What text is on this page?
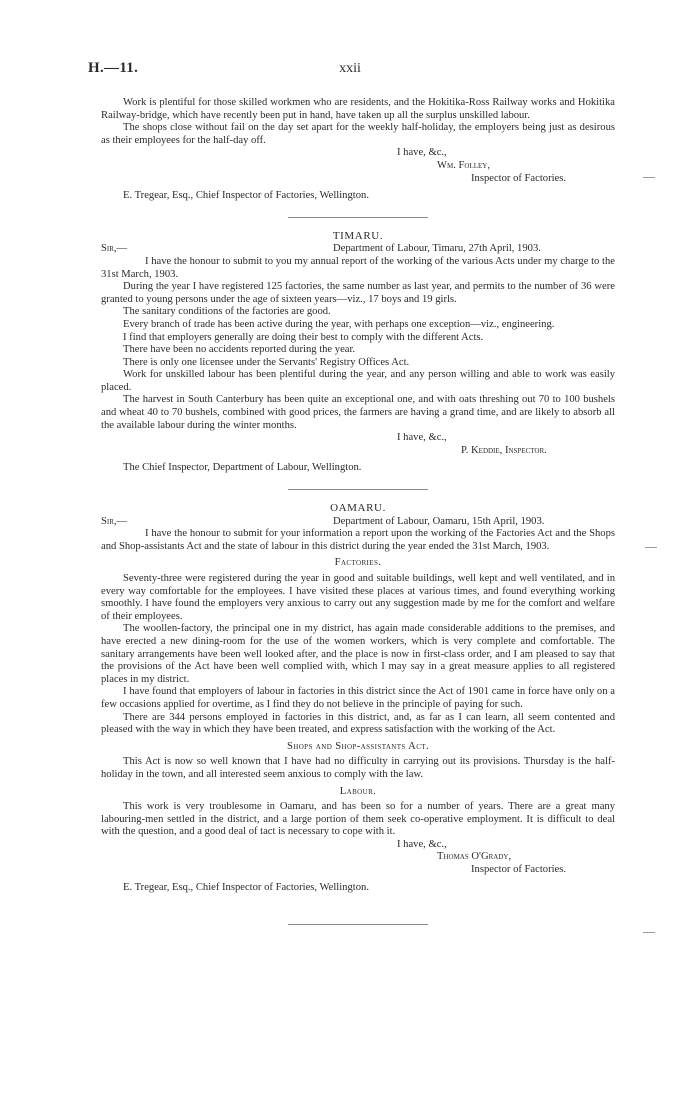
H.—11.	xxii
—
—
—

Work is plentiful for those skilled workmen who are residents, and the Hokitika-Ross Railway works and Hokitika Railway-bridge, which have recently been put in hand, have taken up all the surplus unskilled labour.

The shops close without fail on the day set apart for the weekly half-holiday, the employers being just as desirous as their employees for the half-day off.

I have, &c.,

Wm. Folley,

Inspector of Factories.

E. Tregear, Esq., Chief Inspector of Factories, Wellington.

TIMARU.

Sir,—	Department of Labour, Timaru, 27th April, 1903.

I have the honour to submit to you my annual report of the working of the various Acts under my charge to the 31st March, 1903.

During the year I have registered 125 factories, the same number as last year, and permits to the number of 36 were granted to young persons under the age of sixteen years—viz., 17 boys and 19 girls.

The sanitary conditions of the factories are good.

Every branch of trade has been active during the year, with perhaps one exception—viz., engineering.

I find that employers generally are doing their best to comply with the different Acts.

There have been no accidents reported during the year.

There is only one licensee under the Servants' Registry Offices Act.

Work for unskilled labour has been plentiful during the year, and any person willing and able to work was easily placed.

The harvest in South Canterbury has been quite an exceptional one, and with oats threshing out 70 to 100 bushels and wheat 40 to 70 bushels, combined with good prices, the farmers are having a grand time, and are likely to absorb all the available labour during the winter months.

I have, &c.,

P. Keddie, Inspector.

The Chief Inspector, Department of Labour, Wellington.

OAMARU.

Sir,—	Department of Labour, Oamaru, 15th April, 1903.

I have the honour to submit for your information a report upon the working of the Factories Act and the Shops and Shop-assistants Act and the state of labour in this district during the year ended the 31st March, 1903.

Factories.

Seventy-three were registered during the year in good and suitable buildings, well kept and well ventilated, and in every way comfortable for the employees. I have visited these places at various times, and found everything working smoothly. I have found the employers very anxious to carry out any suggestion made by me for the comfort and welfare of their employees.

The woollen-factory, the principal one in my district, has again made considerable additions to the premises, and have erected a new dining-room for the use of the women workers, which is very complete and comfortable. The sanitary arrangements have been well looked after, and the place is now in first-class order, and I am pleased to say that the provisions of the Act have been well complied with, which I may say in a great measure applies to all registered places in my district.

I have found that employers of labour in factories in this district since the Act of 1901 came in force have only on a few occasions applied for overtime, as I find they do not believe in the principle of paying for such.

There are 344 persons employed in factories in this district, and, as far as I can learn, all seem contented and pleased with the way in which they have been treated, and express satisfaction with the working of the Act.

Shops and Shop-assistants Act.

This Act is now so well known that I have had no difficulty in carrying out its provisions. Thursday is the half-holiday in the town, and all interested seem anxious to comply with the law.

Labour.

This work is very troublesome in Oamaru, and has been so for a number of years. There are a great many labouring-men settled in the district, and a large portion of them seek co-operative employment. It is difficult to deal with the question, and a good deal of tact is necessary to cope with it.

I have, &c.,

Thomas O'Grady,

Inspector of Factories.

E. Tregear, Esq., Chief Inspector of Factories, Wellington.
